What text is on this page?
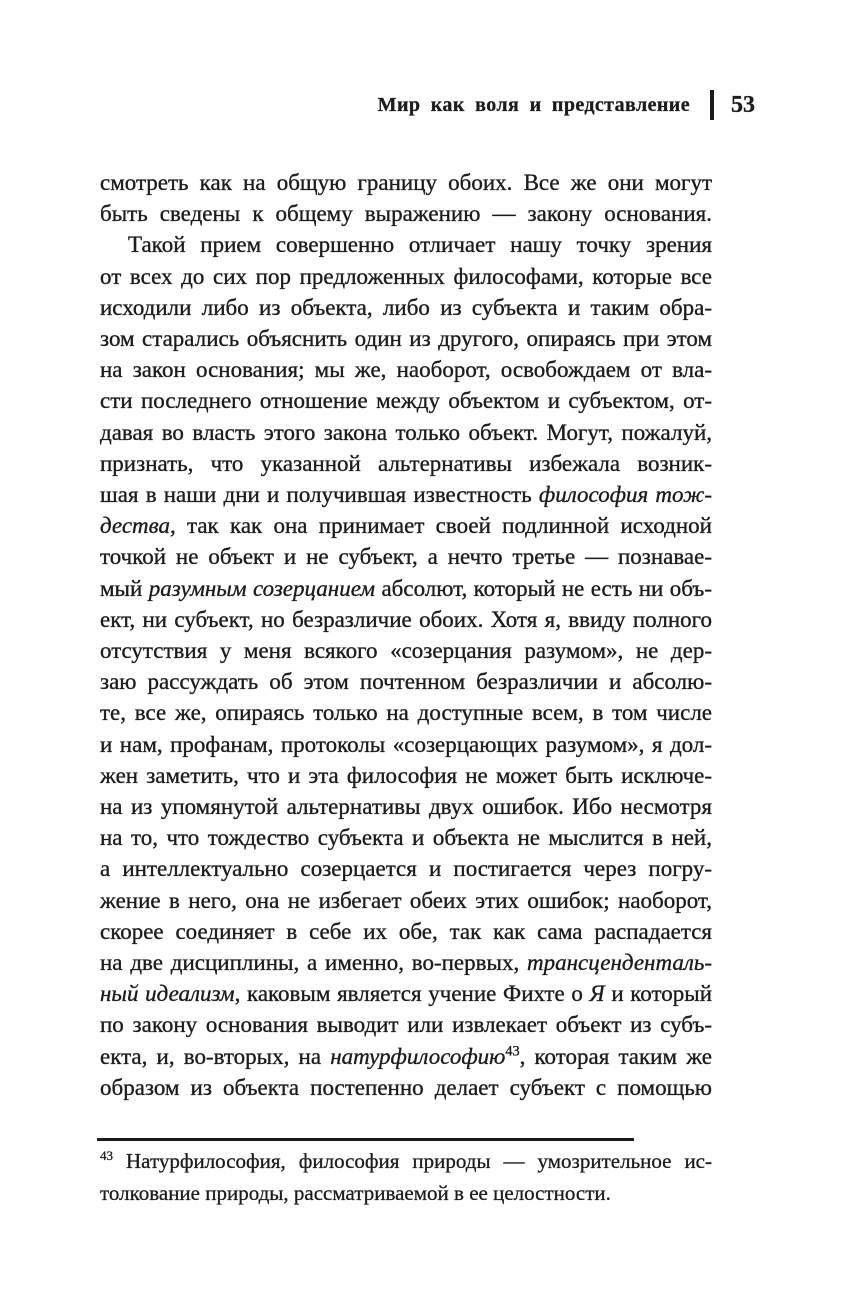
Мир как воля и представление 53
смотреть как на общую границу обоих. Все же они могут
быть сведены к общему выражению — закону основания.
Такой прием совершенно отличает нашу точку зрения
от всех до сих пор предложенных философами, которые все
исходили либо из объекта, либо из субъекта и таким обра-
зом старались объяснить один из другого, опираясь при этом
на закон основания; мы же, наоборот, освобождаем от вла-
сти последнего отношение между объектом и субъектом, от-
давая во власть этого закона только объект. Могут, пожалуй,
признать, что указанной альтернативы избежала возник-
шая в наши дни и получившая известность философия тож-
дества, так как она принимает своей подлинной исходной
точкой не объект и не субъект, а нечто третье — познавае-
мый разумным созерцанием абсолют, который не есть ни объ-
ект, ни субъект, но безразличие обоих. Хотя я, ввиду полного
отсутствия у меня всякого «созерцания разумом», не дер-
заю рассуждать об этом почтенном безразличии и абсолю-
те, все же, опираясь только на доступные всем, в том числе
и нам, профанам, протоколы «созерцающих разумом», я дол-
жен заметить, что и эта философия не может быть исключе-
на из упомянутой альтернативы двух ошибок. Ибо несмотря
на то, что тождество субъекта и объекта не мыслится в ней,
а интеллектуально созерцается и постигается через погру-
жение в него, она не избегает обеих этих ошибок; наоборот,
скорее соединяет в себе их обе, так как сама распадается
на две дисциплины, а именно, во-первых, трансценденталь-
ный идеализм, каковым является учение Фихте о Я и который
по закону основания выводит или извлекает объект из субъ-
екта, и, во-вторых, на натурфилософию$^{43}$, которая таким же
образом из объекта постепенно делает субъект с помощью
$^{43}$ Натурфилософия, философия природы — умозрительное ис-
толкование природы, рассматриваемой в ее целостности.
